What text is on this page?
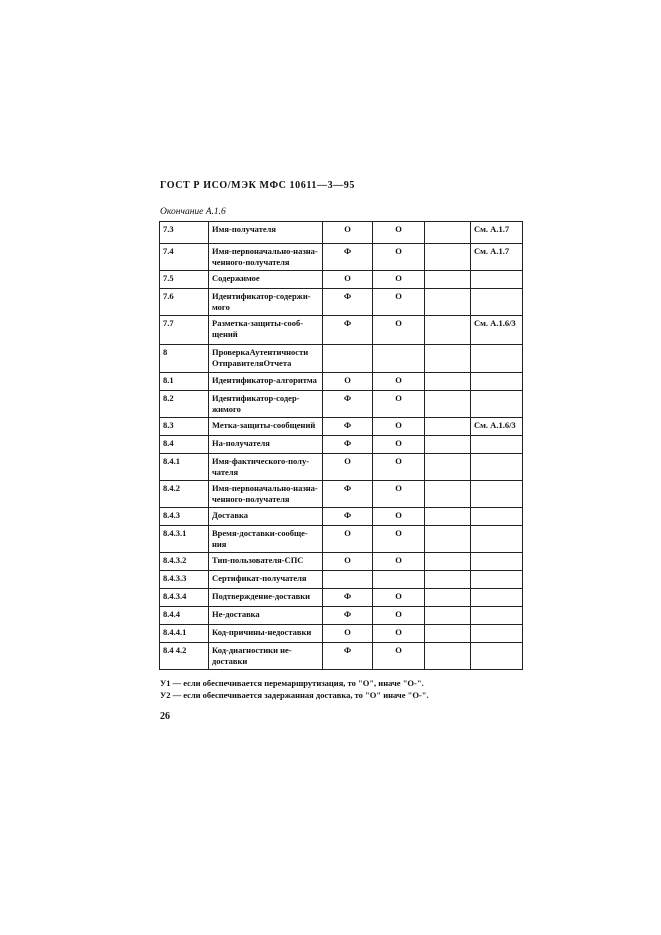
ГОСТ Р ИСО/МЭК МФС 10611—3—95
Окончание А.1.6
7.3	Имя-получателя	О	О		См. А.1.7
7.4	Имя-первоначально-назна-ченного-получателя	Ф	О		См. А.1.7
7.5	Содержимое	О	О		
7.6	Идентификатор-содержи-мого	Ф	О		
7.7	Разметка-защиты-сооб-щений	Ф	О		См. А.1.6/3
8	ПроверкаАутентичности ОтправителяОтчета				
8.1	Идентификатор-алгоритма	О	О		
8.2	Идентификатор-содер-жимого	Ф	О		
8.3	Метка-защиты-сообщений	Ф	О		См. А.1.6/3
8.4	На-получателя	Ф	О		
8.4.1	Имя-фактического-полу-чателя	О	О		
8.4.2	Имя-первоначально-назна-ченного-получателя	Ф	О		
8.4.3	Доставка	Ф	О		
8.4.3.1	Время-доставки-сообще-ния	О	О		
8.4.3.2	Тип-пользователя-СПС	О	О		
8.4.3.3	Сертификат-получателя				
8.4.3.4	Подтверждение-доставки	Ф	О		
8.4.4	Не-доставка	Ф	О		
8.4.4.1	Код-причины-недоставки	О	О		
8.4 4.2	Код-диагностики не-доставки	Ф	О		
У1 — если обеспечивается перемаршрутизация, то "О", иначе "О-".
У2 — если обеспечивается задержанная доставка, то "О" иначе "О-".
26
